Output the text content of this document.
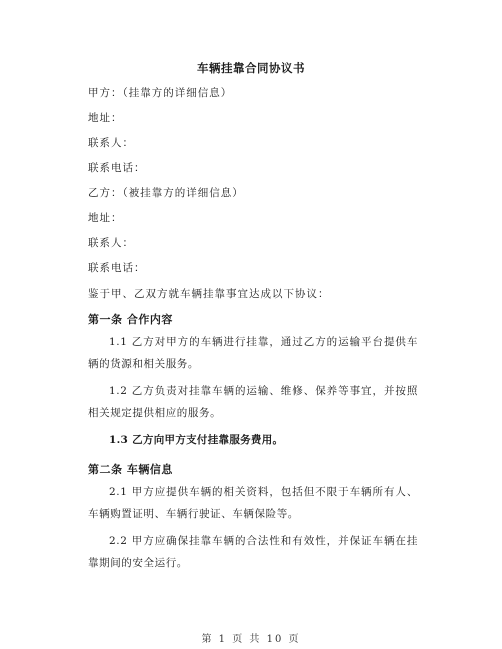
车辆挂靠合同协议书
甲方：（挂靠方的详细信息）
地址：
联系人：
联系电话：
乙方：（被挂靠方的详细信息）
地址：
联系人：
联系电话：
鉴于甲、乙双方就车辆挂靠事宜达成以下协议：
第一条 合作内容
1.1 乙方对甲方的车辆进行挂靠，通过乙方的运输平台提供车辆的货源和相关服务。
1.2 乙方负责对挂靠车辆的运输、维修、保养等事宜，并按照相关规定提供相应的服务。
1.3 乙方向甲方支付挂靠服务费用。
第二条 车辆信息
2.1 甲方应提供车辆的相关资料，包括但不限于车辆所有人、车辆购置证明、车辆行驶证、车辆保险等。
2.2 甲方应确保挂靠车辆的合法性和有效性，并保证车辆在挂靠期间的安全运行。
第 1 页 共 10 页
